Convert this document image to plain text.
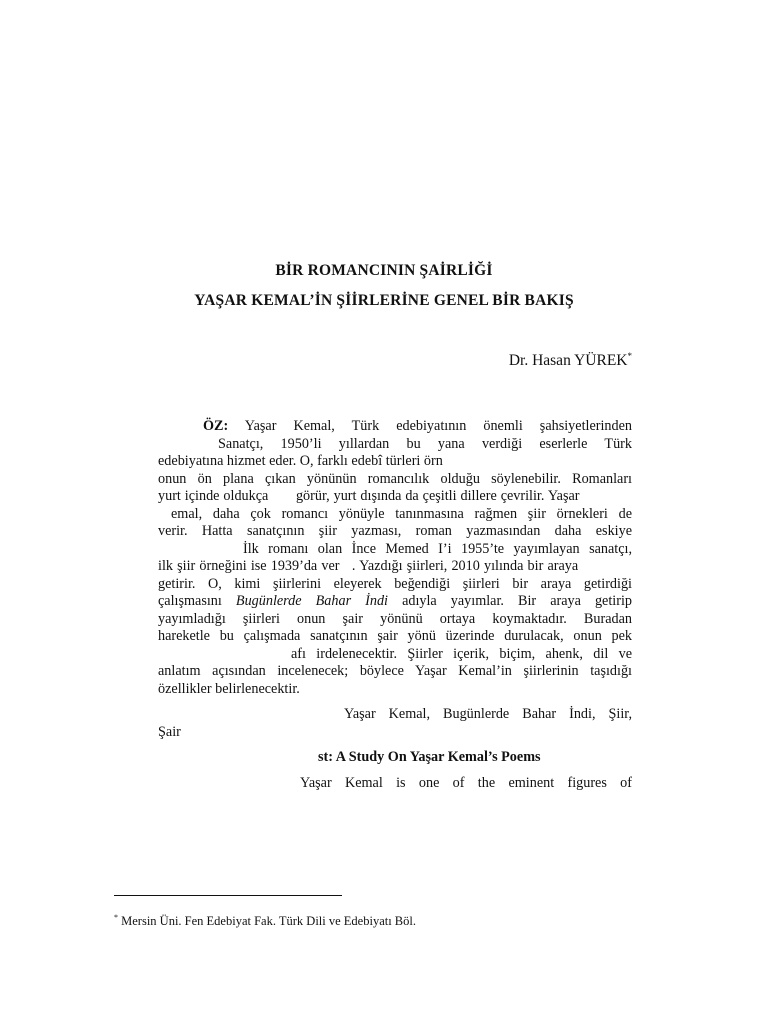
BİR ROMANCININ ŞAİRLİĞİ
YAŞAR KEMAL’İN ŞİİRLERİNE GENEL BİR BAKIŞ
Dr. Hasan YÜREK*
ÖZ: Yaşar Kemal, Türk edebiyatının önemli şahsiyetlerinden
Sanatçı, 1950’li yıllardan bu yana verdiği eserlerle Türk
edebiyatına hizmet eder. O, farklı edebî türleri örn
onun ön plana çıkan yönünün romancılık olduğu söylenebilir. Romanları
yurt içinde oldukça       görür, yurt dışında da çeşitli dillere çevrilir. Yaşar
emal, daha çok romancı yönüyle tanınmasına rağmen şiir örnekleri de
verir. Hatta sanatçının şiir yazması, roman yazmasından daha eskiye
İlk romanı olan İnce Memed I’i 1955’te yayımlayan sanatçı,
ilk şiir örneğini ise 1939’da ver   . Yazdığı şiirleri, 2010 yılında bir araya
getirir. O, kimi şiirlerini eleyerek beğendiği şiirleri bir araya getirdiği
çalışmasını Bugünlerde Bahar İndi adıyla yayımlar. Bir araya getirip
yayımladığı şiirleri onun şair yönünü ortaya koymaktadır. Buradan
hareketle bu çalışmada sanatçının şair yönü üzerinde durulacak, onun pek
afı irdelenecektir. Şiirler içerik, biçim, ahenk, dil ve
anlatım açısından incelenecek; böylece Yaşar Kemal’in şiirlerinin taşıdığı
özellikler belirlenecektir.
Yaşar Kemal, Bugünlerde Bahar İndi, Şiir,
Şair
st: A Study On Yaşar Kemal’s Poems
Yaşar Kemal is one of the eminent figures of
* Mersin Üni. Fen Edebiyat Fak. Türk Dili ve Edebiyatı Böl.
